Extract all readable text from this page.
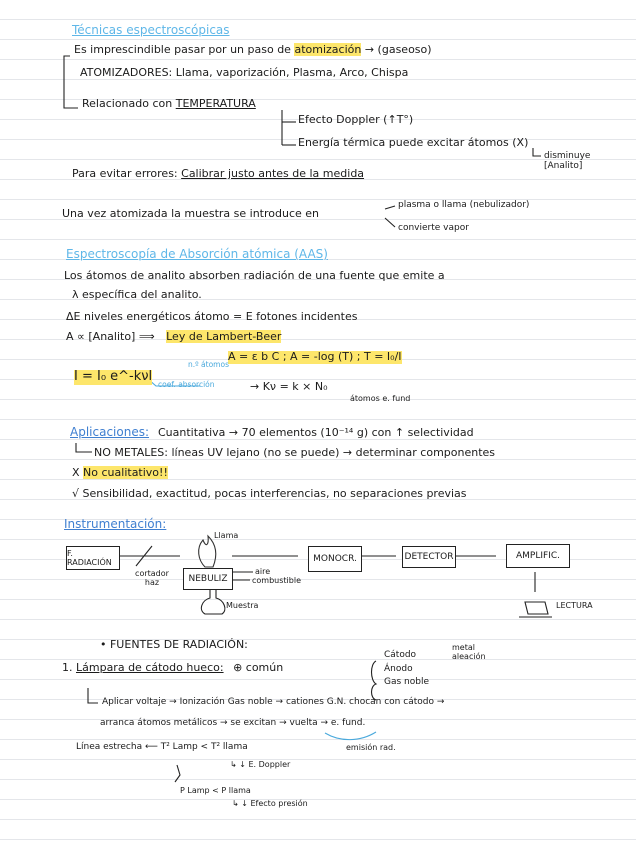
Técnicas espectroscópicas
Es imprescindible pasar por un paso de atomización → (gaseoso)
ATOMIZADORES: Llama, vaporización, Plasma, Arco, Chispa
Relacionado con TEMPERATURA
Efecto Doppler (↑T°)
Energía térmica puede excitar átomos (X)
disminuye [Analito]
Para evitar errores: Calibrar justo antes de la medida
Una vez atomizada la muestra se introduce en
plasma o llama (nebulizador)
convierte vapor
Espectroscopía de Absorción atómica (AAS)
Los átomos de analito absorben radiación de una fuente que emite a
λ específica del analito.
ΔE niveles energéticos átomo = E fotones incidentes
A ∝ [Analito] ⟹ Ley de Lambert-Beer
A = ε b C ; A = -log (T) ; T = I₀/I
I = I₀ e^-kνl
n.º átomos
coef. absorción	→ Kν = k × N₀
átomos e. fund
Aplicaciones: Cuantitativa → 70 elementos (10⁻¹⁴ g) con ↑ selectividad
NO METALES: líneas UV lejano (no se puede) → determinar componentes
X No cualitativo!!
√ Sensibilidad, exactitud, pocas interferencias, no separaciones previas
Instrumentación:
F. RADIACIÓN
NEBULIZ
MONOCR.	DETECTOR	AMPLIFIC.
Llama
cortador haz
aire
combustible
Muestra	LECTURA
• FUENTES DE RADIACIÓN:
1. Lámpara de cátodo hueco: ⊕ común
Cátodo
metal aleación
Ánodo
Gas noble
Aplicar voltaje → Ionización Gas noble → cationes G.N. chocan con cátodo →
arranca átomos metálicos → se excitan → vuelta → e. fund.
emisión rad.
Línea estrecha ⟵ T² Lamp < T² llama
↳ ↓ E. Doppler
P Lamp < P llama
↳ ↓ Efecto presión
